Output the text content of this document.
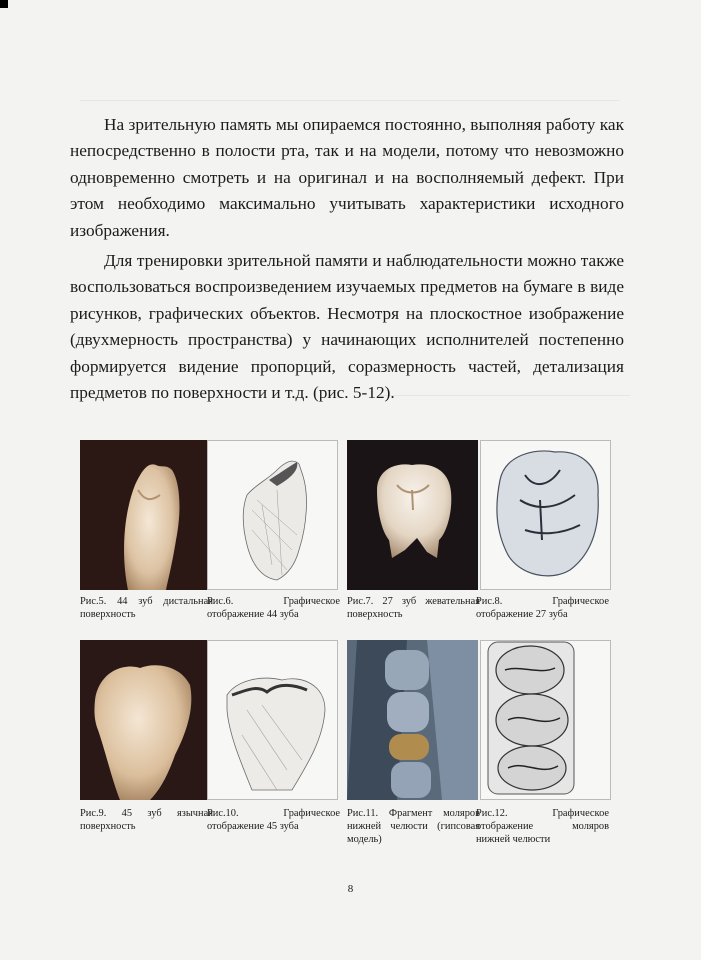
На зрительную память мы опираемся постоянно, выполняя работу как непосредственно в полости рта, так и на модели, потому что невозможно одновременно смотреть и на оригинал и на восполняемый дефект. При этом необходимо максимально учитывать характеристики исходного изображения.

Для тренировки зрительной памяти и наблюдательности можно также воспользоваться воспроизведением изучаемых предметов на бумаге в виде рисунков, графических объектов. Несмотря на плоскостное изображение (двухмерность пространства) у начинающих исполнителей постепенно формируется видение пропорций, соразмерность частей, детализация предметов по поверхности и т.д. (рис. 5-12).

Рис.5. 44 зуб дистальная поверхность
Рис.6. Графическое отображение 44 зуба
Рис.7. 27 зуб жевательная поверхность
Рис.8. Графическое отображение 27 зуба
Рис.9. 45 зуб язычная поверхность
Рис.10. Графическое отображение 45 зуба
Рис.11. Фрагмент моляров нижней челюсти (гипсовая модель)
Рис.12. Графическое отображение моляров нижней челюсти
8
